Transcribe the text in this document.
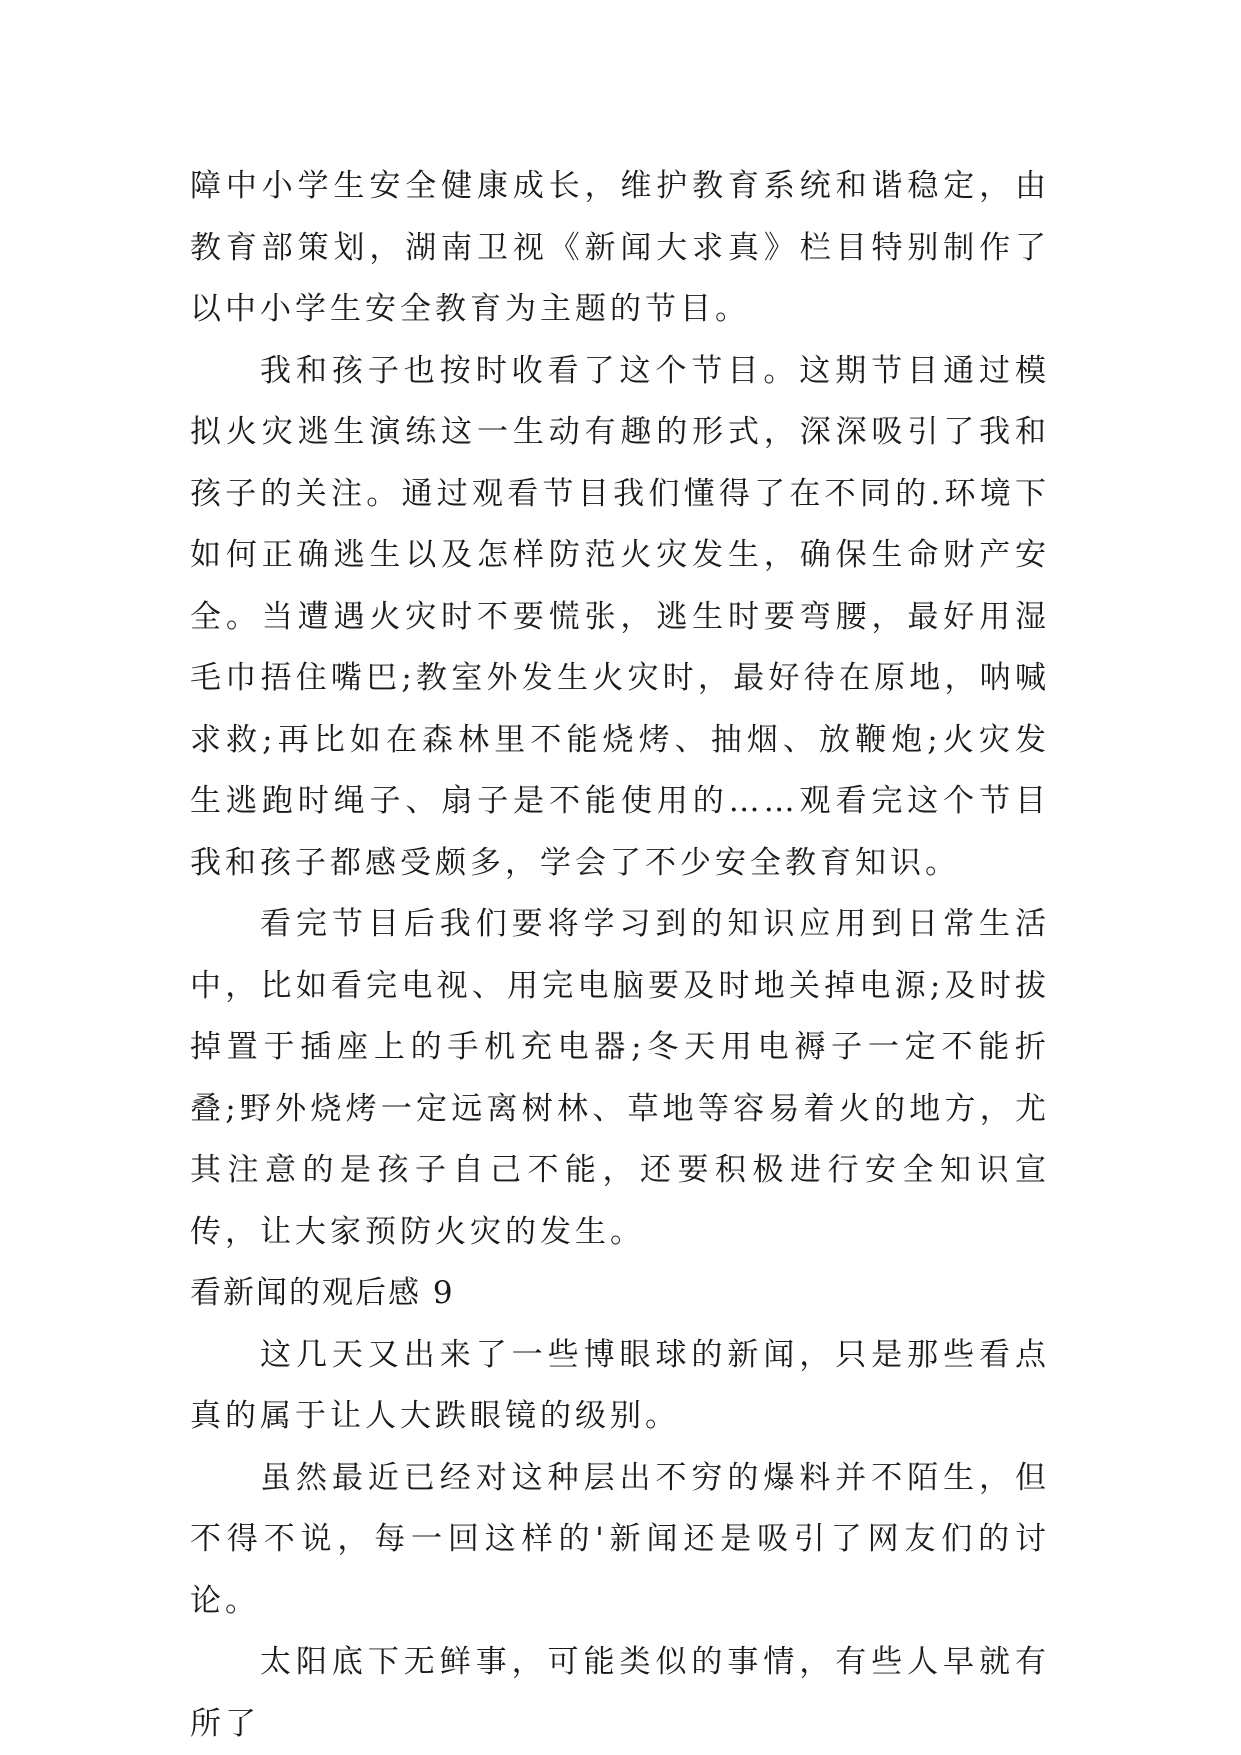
障中小学生安全健康成长，维护教育系统和谐稳定，由教育部策划，湖南卫视《新闻大求真》栏目特别制作了以中小学生安全教育为主题的节目。

我和孩子也按时收看了这个节目。这期节目通过模拟火灾逃生演练这一生动有趣的形式，深深吸引了我和孩子的关注。通过观看节目我们懂得了在不同的.环境下如何正确逃生以及怎样防范火灾发生，确保生命财产安全。当遭遇火灾时不要慌张，逃生时要弯腰，最好用湿毛巾捂住嘴巴;教室外发生火灾时，最好待在原地，呐喊求救;再比如在森林里不能烧烤、抽烟、放鞭炮;火灾发生逃跑时绳子、扇子是不能使用的……观看完这个节目我和孩子都感受颇多，学会了不少安全教育知识。

看完节目后我们要将学习到的知识应用到日常生活中，比如看完电视、用完电脑要及时地关掉电源;及时拔掉置于插座上的手机充电器;冬天用电褥子一定不能折叠;野外烧烤一定远离树林、草地等容易着火的地方，尤其注意的是孩子自己不能，还要积极进行安全知识宣传，让大家预防火灾的发生。

看新闻的观后感 9

这几天又出来了一些博眼球的新闻，只是那些看点真的属于让人大跌眼镜的级别。

虽然最近已经对这种层出不穷的爆料并不陌生，但不得不说，每一回这样的'新闻还是吸引了网友们的讨论。

太阳底下无鲜事，可能类似的事情，有些人早就有所了
